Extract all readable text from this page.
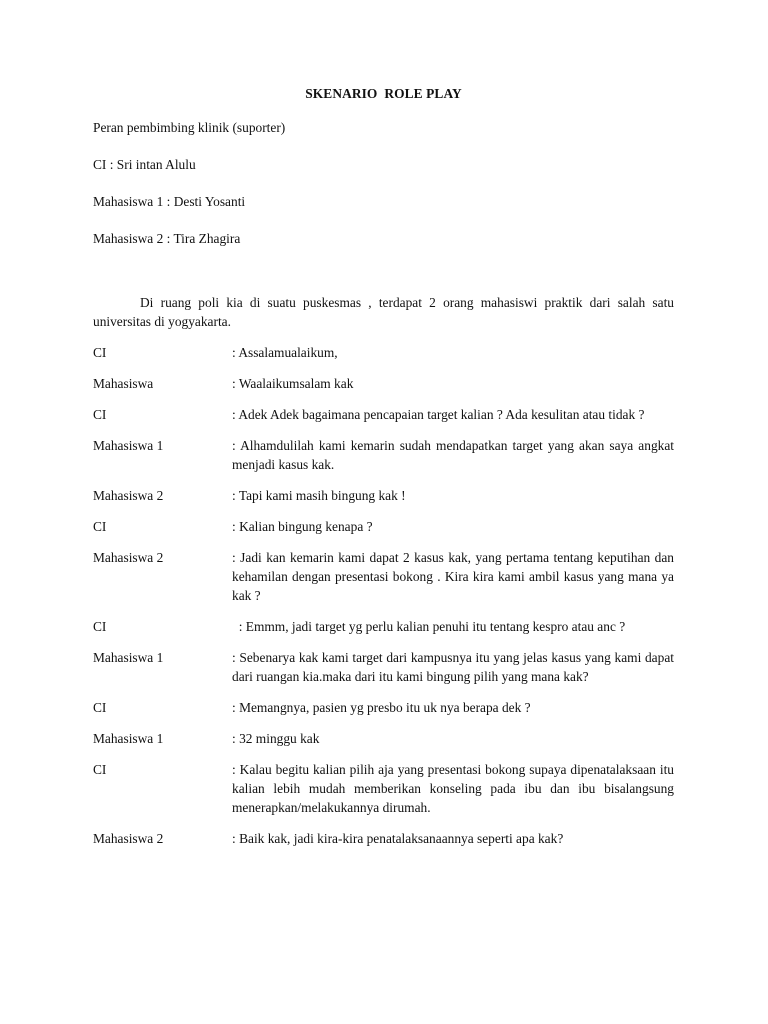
SKENARIO  ROLE PLAY
Peran pembimbing klinik (suporter)
CI : Sri intan Alulu
Mahasiswa 1 : Desti Yosanti
Mahasiswa 2 : Tira Zhagira

Di ruang poli kia di suatu puskesmas , terdapat 2 orang mahasiswi praktik dari salah satu universitas di yogyakarta.

CI	: Assalamualaikum,
Mahasiswa	: Waalaikumsalam kak
CI	: Adek Adek bagaimana pencapaian target kalian ? Ada kesulitan atau tidak ?
Mahasiswa 1	: Alhamdulilah kami kemarin sudah mendapatkan target yang akan saya angkat menjadi kasus kak.
Mahasiswa 2	: Tapi kami masih bingung kak !
CI	: Kalian bingung kenapa ?
Mahasiswa 2	: Jadi kan kemarin kami dapat 2 kasus kak, yang pertama tentang keputihan dan kehamilan dengan presentasi bokong . Kira kira kami ambil kasus yang mana ya kak ?
CI	: Emmm, jadi target yg perlu kalian penuhi itu tentang kespro atau anc ?
Mahasiswa 1	: Sebenarya kak kami target dari kampusnya itu yang jelas kasus yang kami dapat dari ruangan kia.maka dari itu kami bingung pilih yang mana kak?
CI	: Memangnya, pasien yg presbo itu uk nya berapa dek ?
Mahasiswa 1	: 32 minggu kak
CI	: Kalau begitu kalian pilih aja yang presentasi bokong supaya dipenatalaksaan itu kalian lebih mudah memberikan konseling pada ibu dan ibu bisalangsung menerapkan/melakukannya dirumah.
Mahasiswa 2	: Baik kak, jadi kira-kira penatalaksanaannya seperti apa kak?
